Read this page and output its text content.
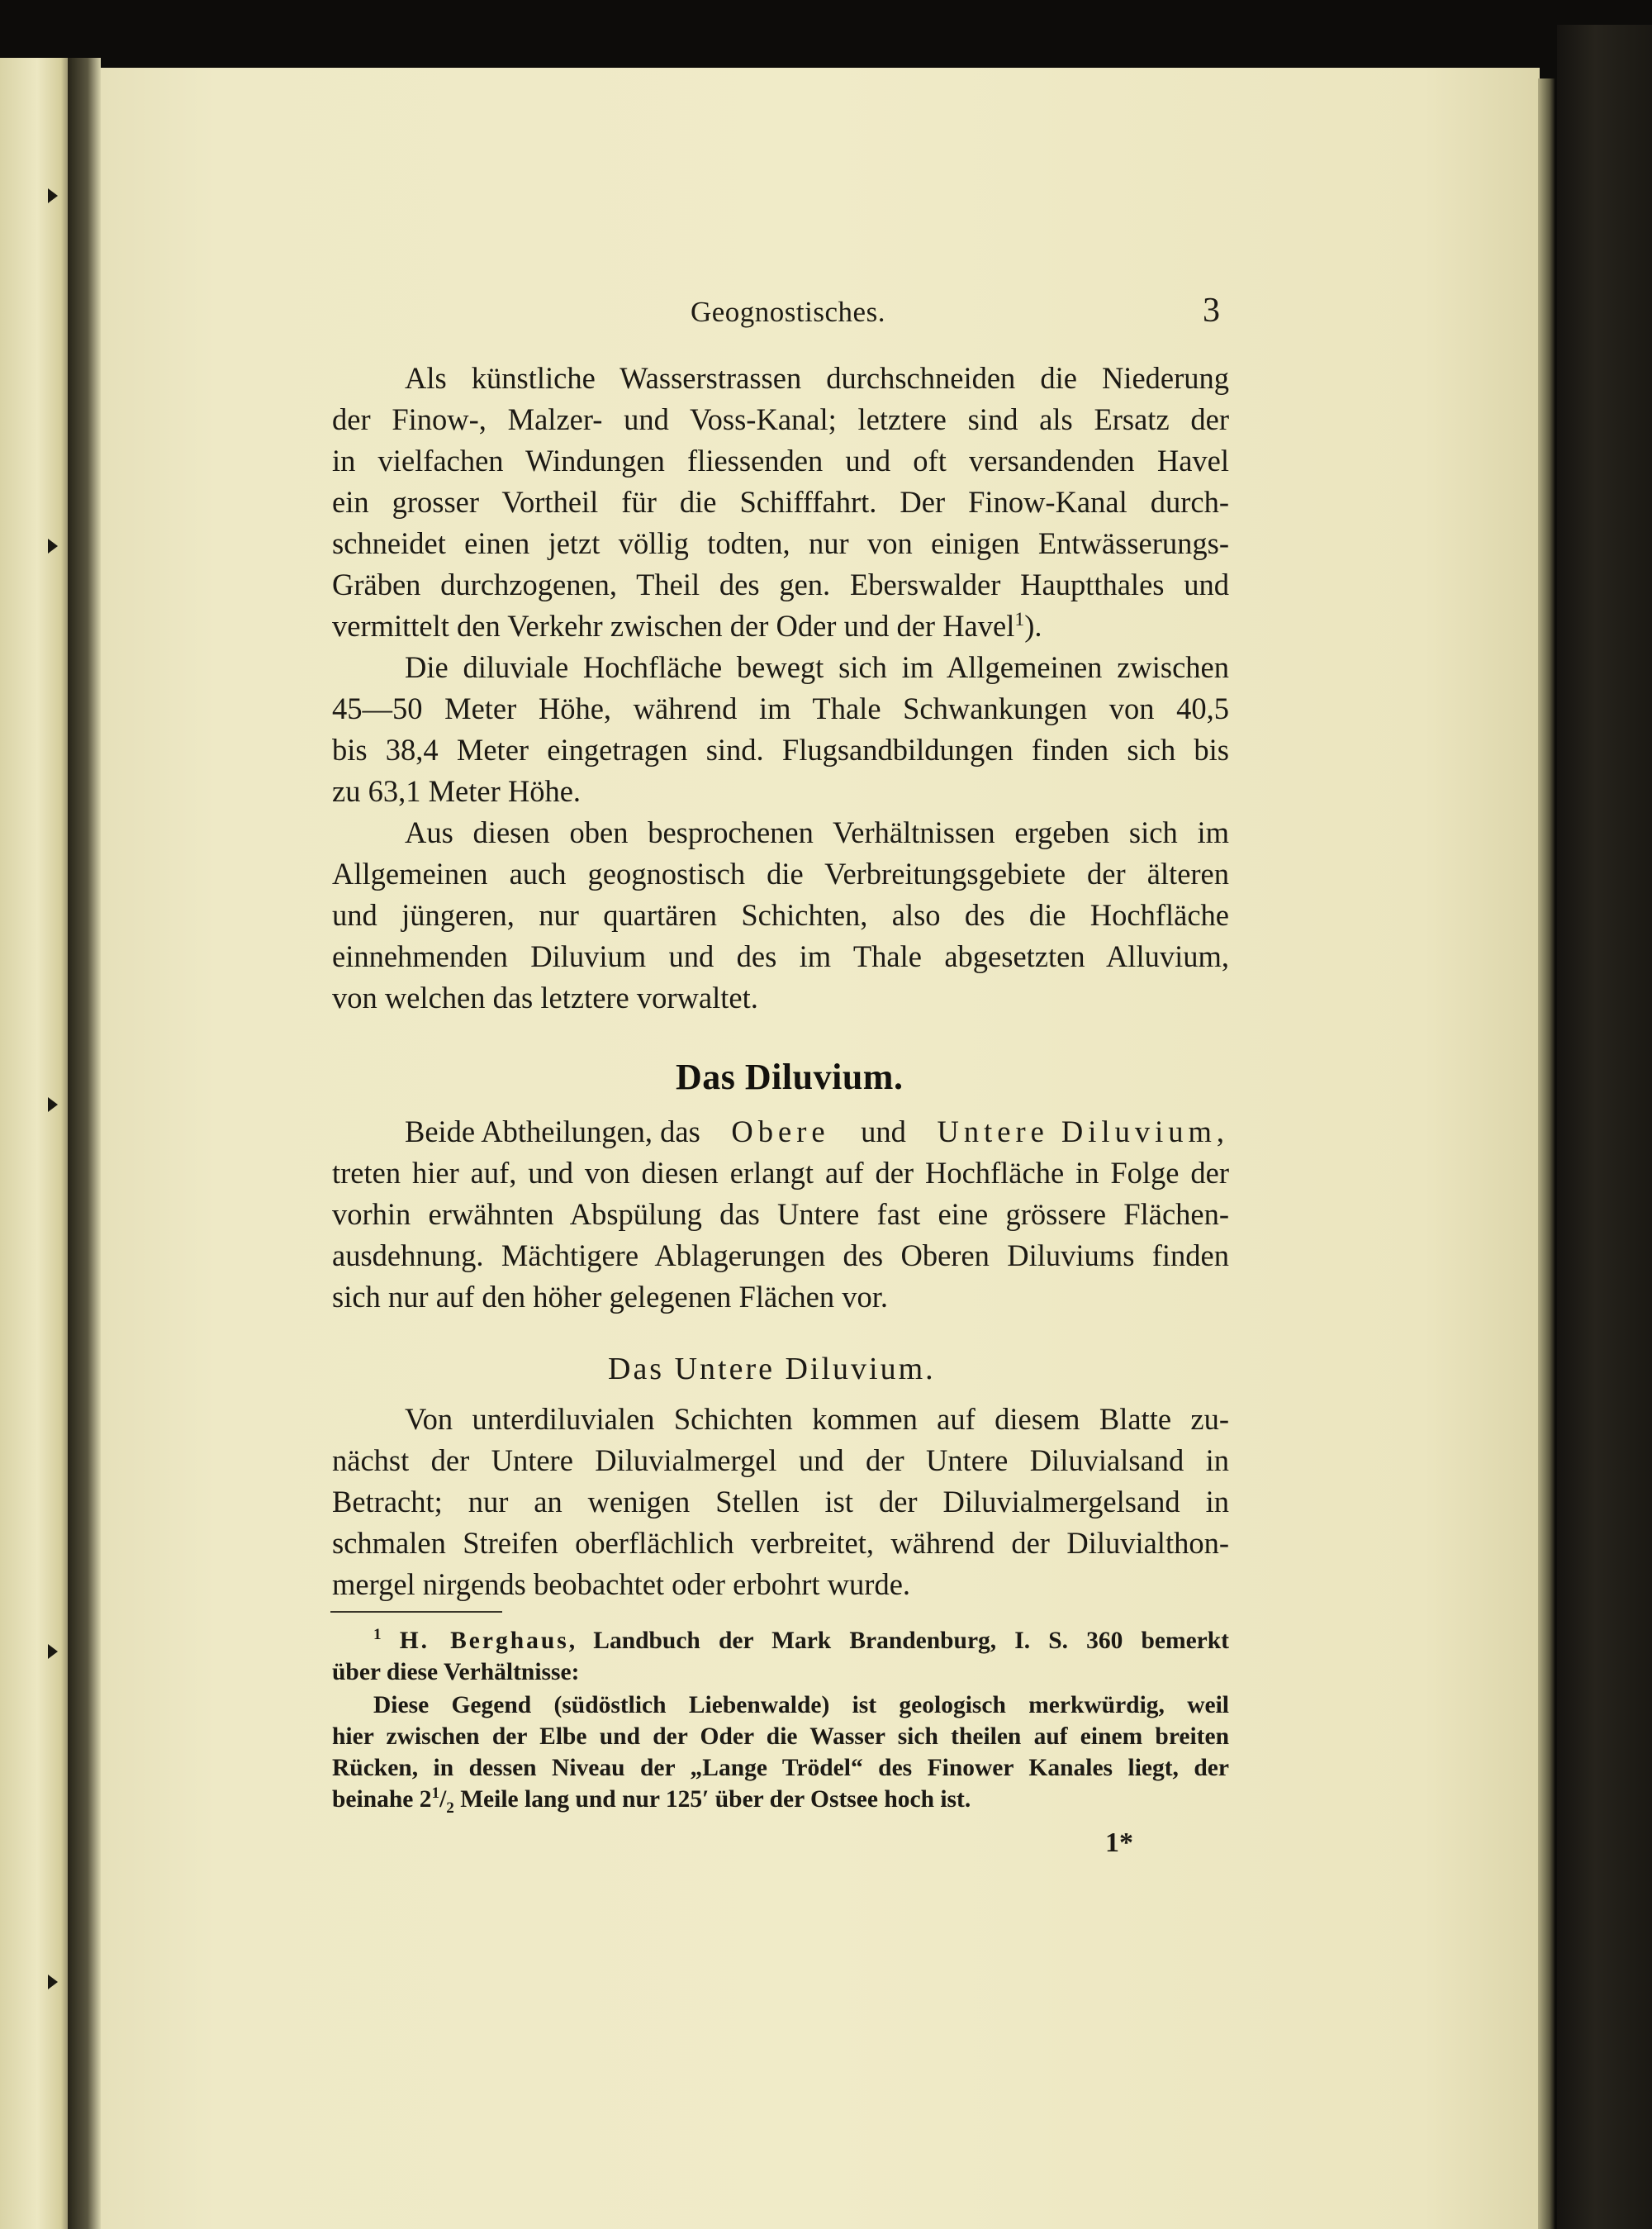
Geognostisches.	3
Als künstliche Wasserstrassen durchschneiden die Niederung
der Finow-, Malzer- und Voss-Kanal; letztere sind als Ersatz der
in vielfachen Windungen fliessenden und oft versandenden Havel
ein grosser Vortheil für die Schifffahrt. Der Finow-Kanal durch-
schneidet einen jetzt völlig todten, nur von einigen Entwässerungs-
Gräben durchzogenen, Theil des gen. Eberswalder Hauptthales und
vermittelt den Verkehr zwischen der Oder und der Havel$^1$).
Die diluviale Hochfläche bewegt sich im Allgemeinen zwischen
45—50 Meter Höhe, während im Thale Schwankungen von 40,5
bis 38,4 Meter eingetragen sind. Flugsandbildungen finden sich bis
zu 63,1 Meter Höhe.
Aus diesen oben besprochenen Verhältnissen ergeben sich im
Allgemeinen auch geognostisch die Verbreitungsgebiete der älteren
und jüngeren, nur quartären Schichten, also des die Hochfläche
einnehmenden Diluvium und des im Thale abgesetzten Alluvium,
von welchen das letztere vorwaltet.
Das Diluvium.
Beide Abtheilungen, das Obere und Untere Diluvium,
treten hier auf, und von diesen erlangt auf der Hochfläche in Folge der
vorhin erwähnten Abspülung das Untere fast eine grössere Flächen-
ausdehnung. Mächtigere Ablagerungen des Oberen Diluviums finden
sich nur auf den höher gelegenen Flächen vor.
Das Untere Diluvium.
Von unterdiluvialen Schichten kommen auf diesem Blatte zu-
nächst der Untere Diluvialmergel und der Untere Diluvialsand in
Betracht; nur an wenigen Stellen ist der Diluvialmergelsand in
schmalen Streifen oberflächlich verbreitet, während der Diluvialthon-
mergel nirgends beobachtet oder erbohrt wurde.
$^1$ H. Berghaus, Landbuch der Mark Brandenburg, I. S. 360 bemerkt
über diese Verhältnisse:
Diese Gegend (südöstlich Liebenwalde) ist geologisch merkwürdig, weil
hier zwischen der Elbe und der Oder die Wasser sich theilen auf einem breiten
Rücken, in dessen Niveau der „Lange Trödel“ des Finower Kanales liegt, der
beinahe $2^1/_2$ Meile lang und nur 125′ über der Ostsee hoch ist.
1*
